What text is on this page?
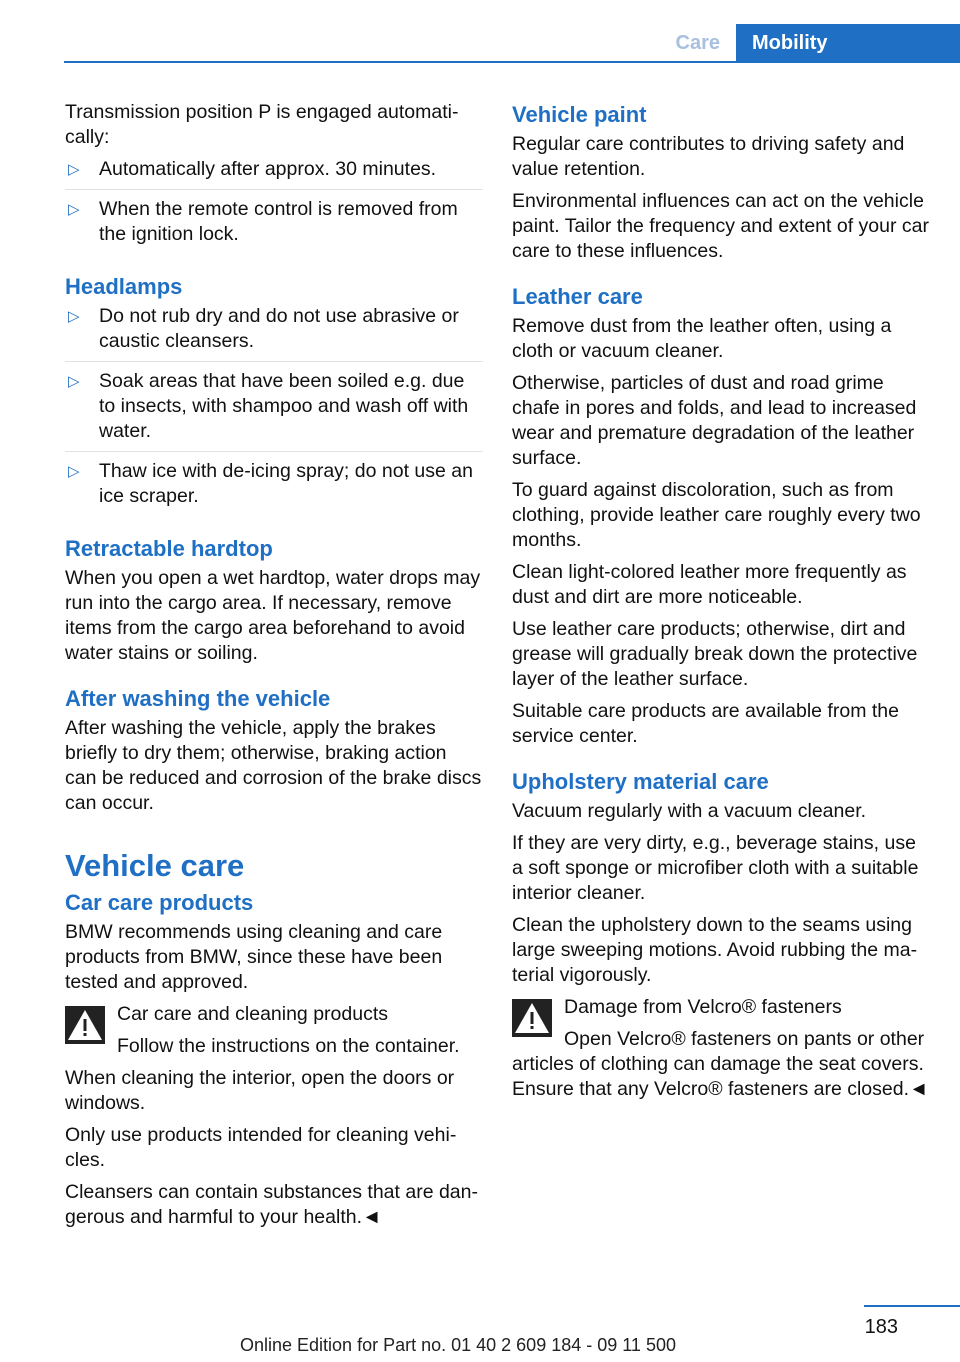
Care	Mobility

Transmission position P is engaged automatically:

▷ Automatically after approx. 30 minutes.
▷ When the remote control is removed from the ignition lock.
Headlamps
▷ Do not rub dry and do not use abrasive or caustic cleansers.
▷ Soak areas that have been soiled e.g. due to insects, with shampoo and wash off with water.
▷ Thaw ice with de-icing spray; do not use an ice scraper.
Retractable hardtop

When you open a wet hardtop, water drops may run into the cargo area. If necessary, remove items from the cargo area beforehand to avoid water stains or soiling.

After washing the vehicle

After washing the vehicle, apply the brakes briefly to dry them; otherwise, braking action can be reduced and corrosion of the brake discs can occur.

Vehicle care
Car care products

BMW recommends using cleaning and care products from BMW, since these have been tested and approved.

Car care and cleaning products

Follow the instructions on the container.

When cleaning the interior, open the doors or windows.

Only use products intended for cleaning vehicles.

Cleansers can contain substances that are dangerous and harmful to your health.◄

Vehicle paint

Regular care contributes to driving safety and value retention.

Environmental influences can act on the vehicle paint. Tailor the frequency and extent of your car care to these influences.

Leather care

Remove dust from the leather often, using a cloth or vacuum cleaner.

Otherwise, particles of dust and road grime chafe in pores and folds, and lead to increased wear and premature degradation of the leather surface.

To guard against discoloration, such as from clothing, provide leather care roughly every two months.

Clean light-colored leather more frequently as dust and dirt are more noticeable.

Use leather care products; otherwise, dirt and grease will gradually break down the protective layer of the leather surface.

Suitable care products are available from the service center.

Upholstery material care

Vacuum regularly with a vacuum cleaner.

If they are very dirty, e.g., beverage stains, use a soft sponge or microfiber cloth with a suitable interior cleaner.

Clean the upholstery down to the seams using large sweeping motions. Avoid rubbing the material vigorously.

Damage from Velcro® fasteners

Open Velcro® fasteners on pants or other articles of clothing can damage the seat covers. Ensure that any Velcro® fasteners are closed.◄

183
Online Edition for Part no. 01 40 2 609 184 - 09 11 500
